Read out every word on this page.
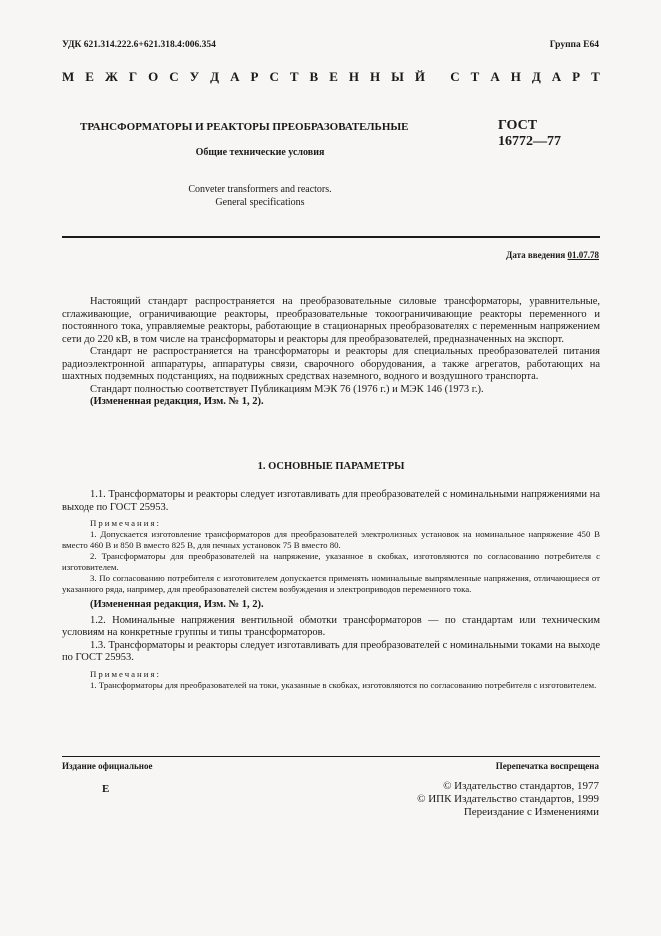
УДК 621.314.222.6+621.318.4:006.354	Группа Е64
М Е Ж Г О С У Д А Р С Т В Е Н Н Ы Й
С Т А Н Д А Р Т
ТРАНСФОРМАТОРЫ И РЕАКТОРЫ ПРЕОБРАЗОВАТЕЛЬНЫЕ	ГОСТ
16772—77
Общие технические условия
Conveter transformers and reactors.
General specifications
Дата введения 01.07.78

Настоящий стандарт распространяется на преобразовательные силовые трансформаторы, уравнительные, сглаживающие, ограничивающие реакторы, преобразовательные токоограничивающие реакторы переменного и постоянного тока, управляемые реакторы, работающие в стационарных преобразователях с переменным напряжением сети до 220 кВ, в том числе на трансформаторы и реакторы для преобразователей, предназначенных на экспорт.

Стандарт не распространяется на трансформаторы и реакторы для специальных преобразователей питания радиоэлектронной аппаратуры, аппаратуры связи, сварочного оборудования, а также агрегатов, работающих на шахтных подземных подстанциях, на подвижных средствах наземного, водного и воздушного транспорта.

Стандарт полностью соответствует Публикациям МЭК 76 (1976 г.) и МЭК 146 (1973 г.).

(Измененная редакция, Изм. № 1, 2).

1. ОСНОВНЫЕ ПАРАМЕТРЫ

1.1. Трансформаторы и реакторы следует изготавливать для преобразователей с номинальными напряжениями на выходе по ГОСТ 25953.

Примечания:

1. Допускается изготовление трансформаторов для преобразователей электролизных установок на номинальное напряжение 450 В вместо 460 В и 850 В вместо 825 В, для печных установок 75 В вместо 80.

2. Трансформаторы для преобразователей на напряжение, указанное в скобках, изготовляются по согласованию потребителя с изготовителем.

3. По согласованию потребителя с изготовителем допускается применять номинальные выпрямленные напряжения, отличающиеся от указанного ряда, например, для преобразователей систем возбуждения и электроприводов переменного тока.

(Измененная редакция, Изм. № 1, 2).

1.2. Номинальные напряжения вентильной обмотки трансформаторов — по стандартам или техническим условиям на конкретные группы и типы трансформаторов.

1.3. Трансформаторы и реакторы следует изготавливать для преобразователей с номинальными токами на выходе по ГОСТ 25953.

Примечания:

1. Трансформаторы для преобразователей на токи, указанные в скобках, изготовляются по согласованию потребителя с изготовителем.

Издание официальное	Перепечатка воспрещена
Е	© Издательство стандартов, 1977
© ИПК Издательство стандартов, 1999
Переиздание с Изменениями
